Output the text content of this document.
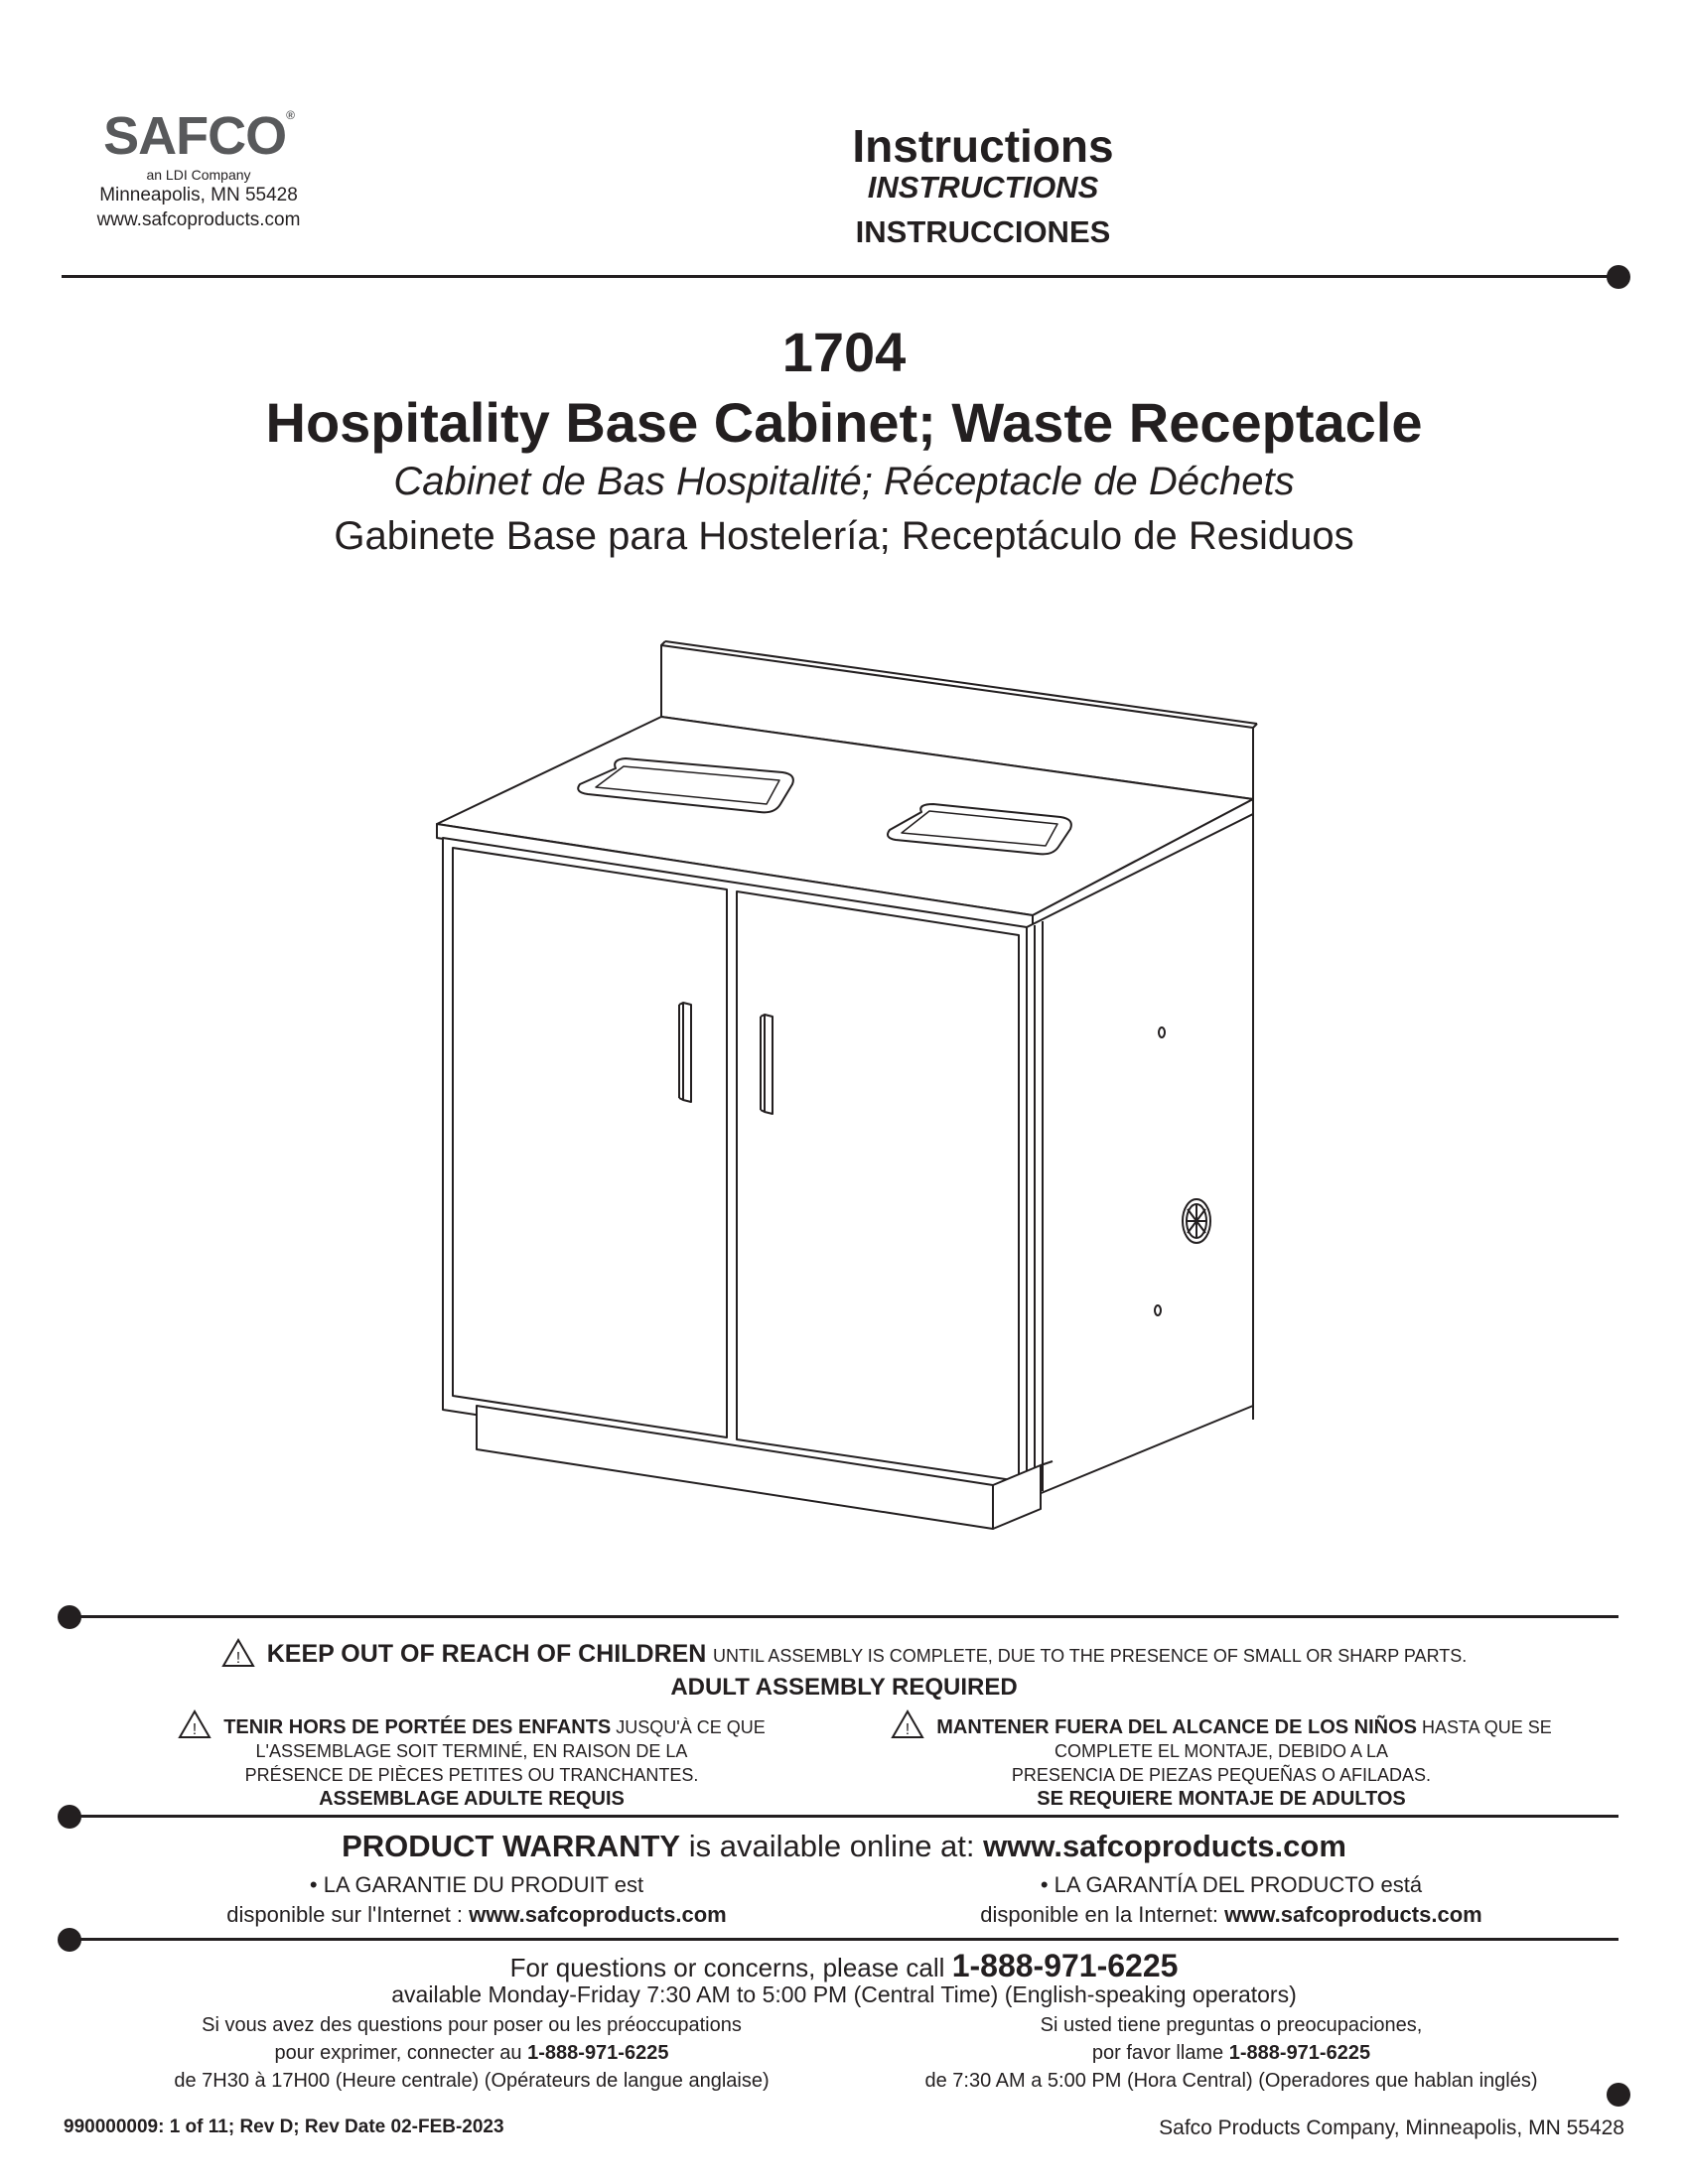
SAFCO®
an LDI Company
Minneapolis, MN 55428
www.safcoproducts.com
Instructions
INSTRUCTIONS
INSTRUCCIONES
1704
Hospitality Base Cabinet; Waste Receptacle
Cabinet de Bas Hospitalité; Réceptacle de Déchets
Gabinete Base para Hostelería; Receptáculo de Residuos
! KEEP OUT OF REACH OF CHILDREN UNTIL ASSEMBLY IS COMPLETE, DUE TO THE PRESENCE OF SMALL OR SHARP PARTS.
ADULT ASSEMBLY REQUIRED
! TENIR HORS DE PORTÉE DES ENFANTS JUSQU'À CE QUE
L'ASSEMBLAGE SOIT TERMINÉ, EN RAISON DE LA
PRÉSENCE DE PIÈCES PETITES OU TRANCHANTES.
ASSEMBLAGE ADULTE REQUIS
! MANTENER FUERA DEL ALCANCE DE LOS NIÑOS HASTA QUE SE
COMPLETE EL MONTAJE, DEBIDO A LA
PRESENCIA DE PIEZAS PEQUEÑAS O AFILADAS.
SE REQUIERE MONTAJE DE ADULTOS
PRODUCT WARRANTY is available online at: www.safcoproducts.com
• LA GARANTIE DU PRODUIT est
disponible sur l'Internet : www.safcoproducts.com
• LA GARANTÍA DEL PRODUCTO está
disponible en la Internet: www.safcoproducts.com
For questions or concerns, please call 1-888-971-6225
available Monday-Friday 7:30 AM to 5:00 PM (Central Time) (English-speaking operators)
Si vous avez des questions pour poser ou les préoccupations
pour exprimer, connecter au 1-888-971-6225
de 7H30 à 17H00 (Heure centrale) (Opérateurs de langue anglaise)
Si usted tiene preguntas o preocupaciones,
por favor llame 1-888-971-6225
de 7:30 AM a 5:00 PM (Hora Central) (Operadores que hablan inglés)
990000009: 1 of 11; Rev D; Rev Date 02-FEB-2023	Safco Products Company, Minneapolis, MN 55428
